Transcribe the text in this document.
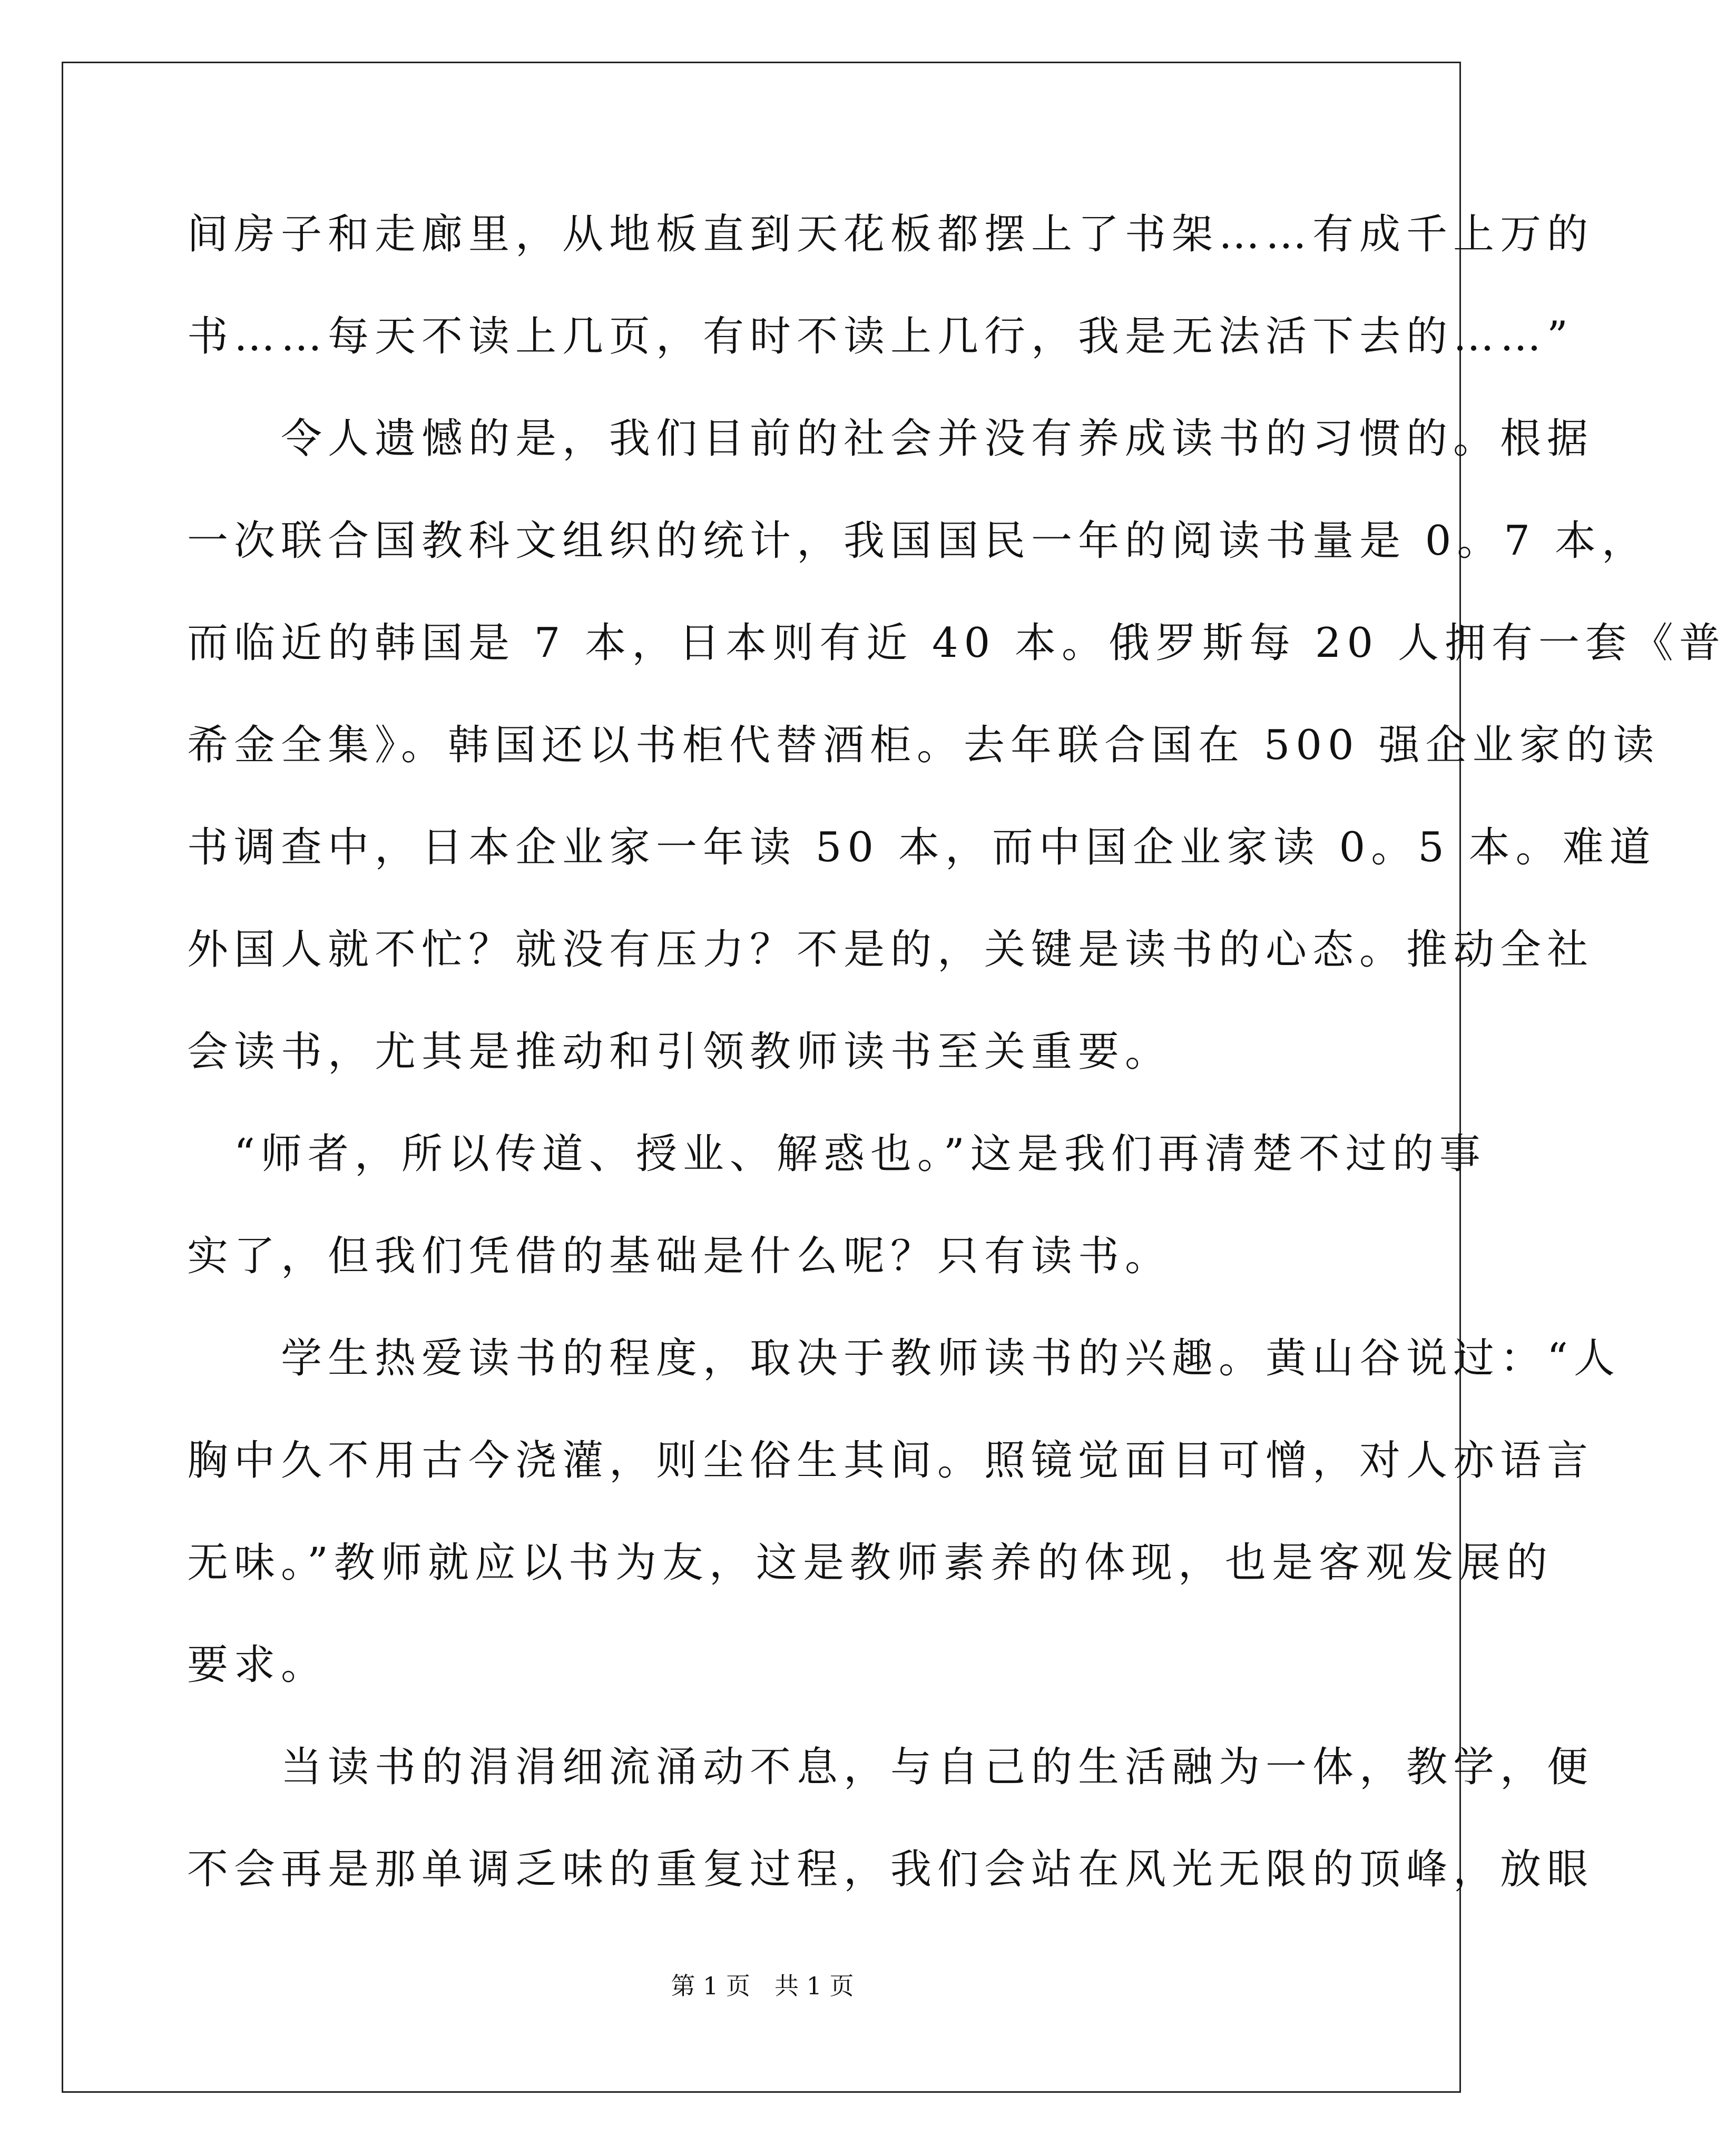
间房子和走廊里，从地板直到天花板都摆上了书架……有成千上万的
书……每天不读上几页，有时不读上几行，我是无法活下去的……”
　　令人遗憾的是，我们目前的社会并没有养成读书的习惯的。根据
一次联合国教科文组织的统计，我国国民一年的阅读书量是 0。7 本，
而临近的韩国是 7 本，日本则有近 40 本。俄罗斯每 20 人拥有一套《普
希金全集》。韩国还以书柜代替酒柜。去年联合国在 500 强企业家的读
书调查中，日本企业家一年读 50 本，而中国企业家读 0。5 本。难道
外国人就不忙？就没有压力？不是的，关键是读书的心态。推动全社
会读书，尤其是推动和引领教师读书至关重要。
　“师者，所以传道、授业、解惑也。”这是我们再清楚不过的事
实了，但我们凭借的基础是什么呢？只有读书。
　　学生热爱读书的程度，取决于教师读书的兴趣。黄山谷说过：“人
胸中久不用古今浇灌，则尘俗生其间。照镜觉面目可憎，对人亦语言
无味。”教师就应以书为友，这是教师素养的体现，也是客观发展的
要求。
　　当读书的涓涓细流涌动不息，与自己的生活融为一体，教学，便
不会再是那单调乏味的重复过程，我们会站在风光无限的顶峰，放眼
第 1 页　共 1 页
